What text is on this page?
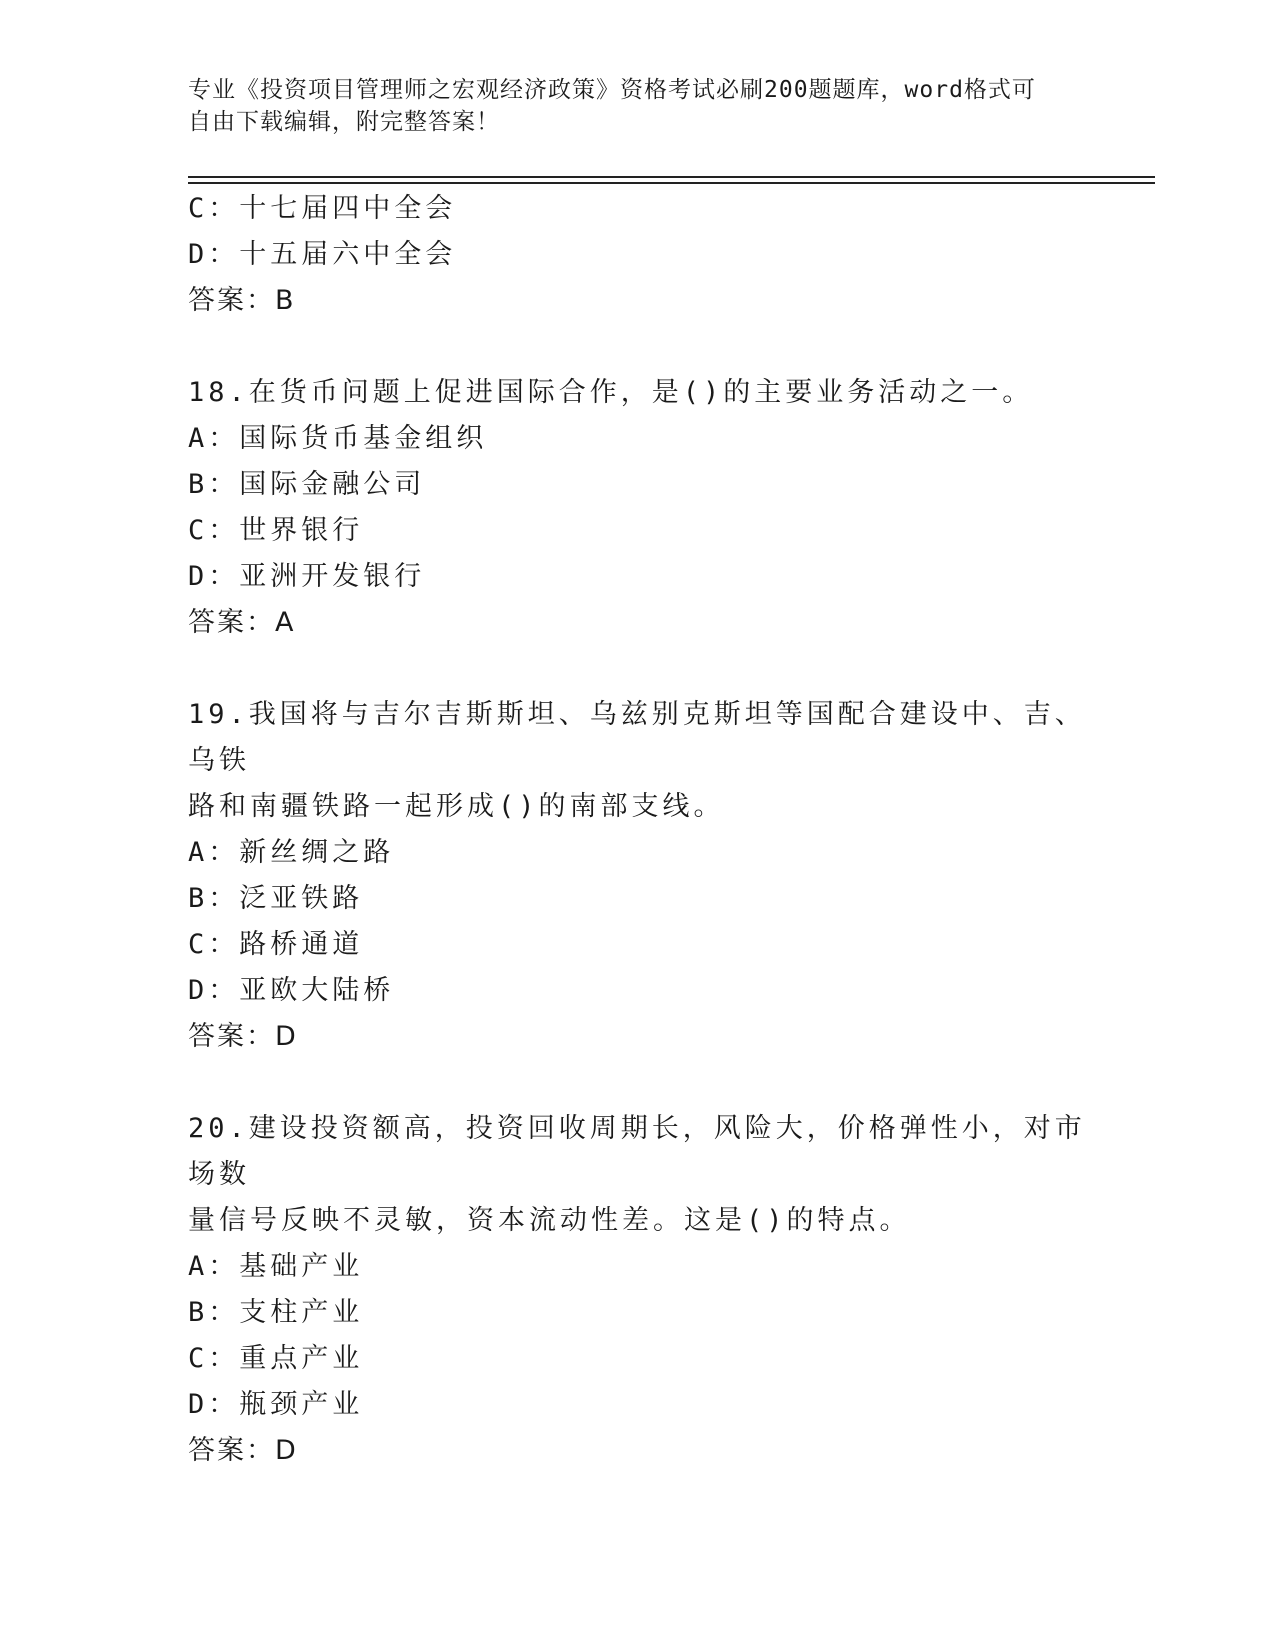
专业《投资项目管理师之宏观经济政策》资格考试必刷200题题库，word格式可
自由下载编辑，附完整答案！
C：十七届四中全会
D：十五届六中全会
答案：B
18.在货币问题上促进国际合作，是()的主要业务活动之一。
A：国际货币基金组织
B：国际金融公司
C：世界银行
D：亚洲开发银行
答案：A
19.我国将与吉尔吉斯斯坦、乌兹别克斯坦等国配合建设中、吉、乌铁
路和南疆铁路一起形成()的南部支线。
A：新丝绸之路
B：泛亚铁路
C：路桥通道
D：亚欧大陆桥
答案：D
20.建设投资额高，投资回收周期长，风险大，价格弹性小，对市场数
量信号反映不灵敏，资本流动性差。这是()的特点。
A：基础产业
B：支柱产业
C：重点产业
D：瓶颈产业
答案：D
